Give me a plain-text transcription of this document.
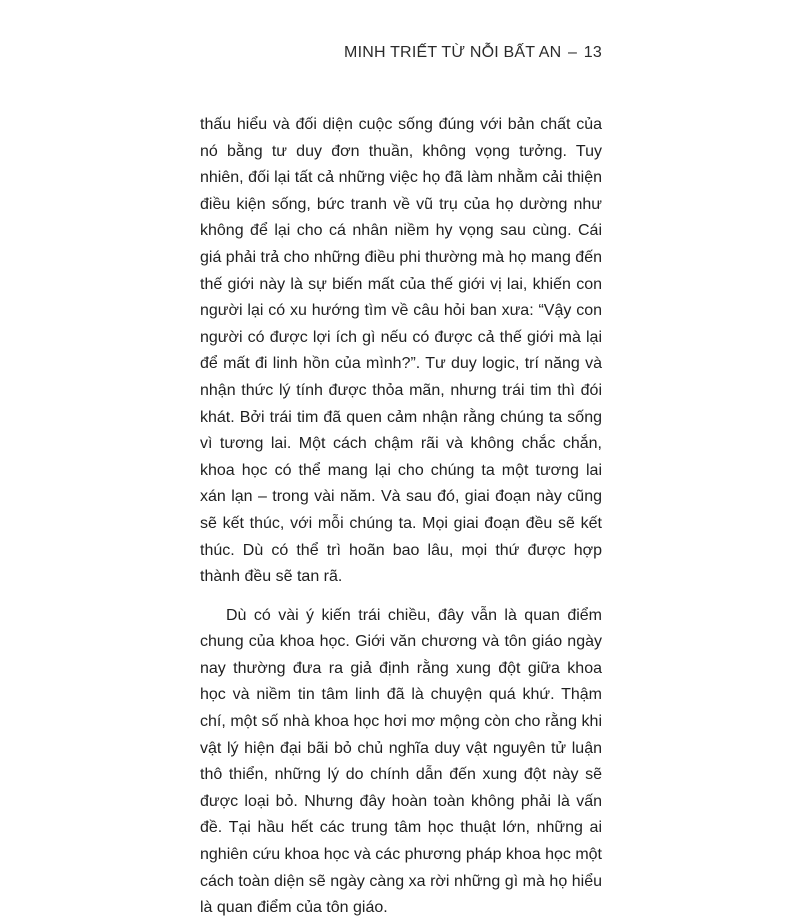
MINH TRIẾT TỪ NỖI BẤT AN – 13

thấu hiểu và đối diện cuộc sống đúng với bản chất của nó bằng tư duy đơn thuần, không vọng tưởng. Tuy nhiên, đối lại tất cả những việc họ đã làm nhằm cải thiện điều kiện sống, bức tranh về vũ trụ của họ dường như không để lại cho cá nhân niềm hy vọng sau cùng. Cái giá phải trả cho những điều phi thường mà họ mang đến thế giới này là sự biến mất của thế giới vị lai, khiến con người lại có xu hướng tìm về câu hỏi ban xưa: “Vậy con người có được lợi ích gì nếu có được cả thế giới mà lại để mất đi linh hồn của mình?”. Tư duy logic, trí năng và nhận thức lý tính được thỏa mãn, nhưng trái tim thì đói khát. Bởi trái tim đã quen cảm nhận rằng chúng ta sống vì tương lai. Một cách chậm rãi và không chắc chắn, khoa học có thể mang lại cho chúng ta một tương lai xán lạn – trong vài năm. Và sau đó, giai đoạn này cũng sẽ kết thúc, với mỗi chúng ta. Mọi giai đoạn đều sẽ kết thúc. Dù có thể trì hoãn bao lâu, mọi thứ được hợp thành đều sẽ tan rã.

Dù có vài ý kiến trái chiều, đây vẫn là quan điểm chung của khoa học. Giới văn chương và tôn giáo ngày nay thường đưa ra giả định rằng xung đột giữa khoa học và niềm tin tâm linh đã là chuyện quá khứ. Thậm chí, một số nhà khoa học hơi mơ mộng còn cho rằng khi vật lý hiện đại bãi bỏ chủ nghĩa duy vật nguyên tử luận thô thiển, những lý do chính dẫn đến xung đột này sẽ được loại bỏ. Nhưng đây hoàn toàn không phải là vấn đề. Tại hầu hết các trung tâm học thuật lớn, những ai nghiên cứu khoa học và các phương pháp khoa học một cách toàn diện sẽ ngày càng xa rời những gì mà họ hiểu là quan điểm của tôn giáo.
